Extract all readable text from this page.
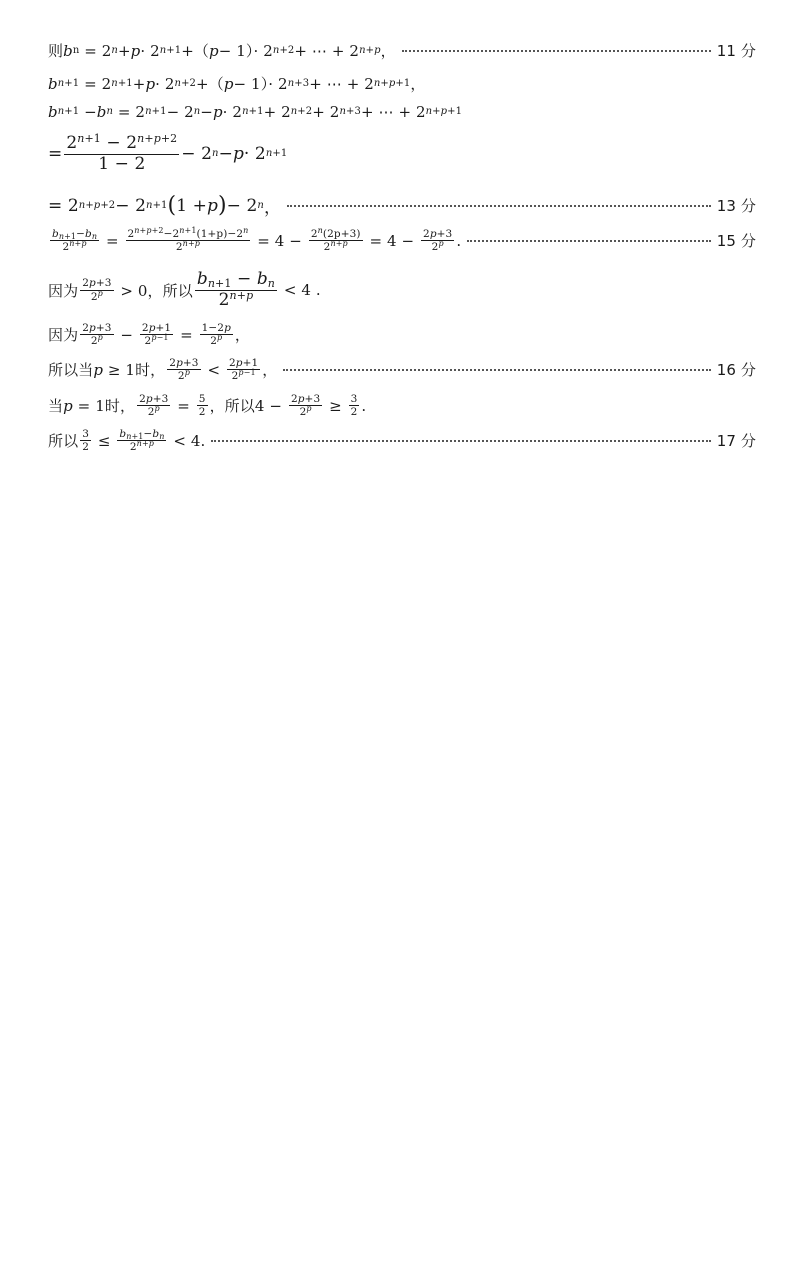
则 b n = 2 n + p · 2 n+1 +（ p − 1）· 2 n+2 + ⋯ + 2 n+p ，	11 分
b n+1 = 2 n+1 + p · 2 n+2 +（ p − 1）· 2 n+3 + ⋯ + 2 n+p+1 ，
b n+1 − b n = 2 n+1 − 2 n − p · 2 n+1 + 2 n+2 + 2 n+3 + ⋯ + 2 n+p+1
= $\frac{2^{n+1} - 2^{n+p+2}}{1 - 2} - 2$ n − p · 2 n+1
= 2 n+p+2 − 2 n+1 ( 1 + p ) − 2 n ，	13 分
$\frac{b_{n+1}-b_n}{2^{n+p}} = \frac{2^{n+p+2}-2^{n+1}(1+p)-2^n}{2^{n+p}} = 4 - \frac{2^n(2p+3)}{2^{n+p}} = 4 - \frac{2p+3}{2^p}$ .	15 分
因为 $\frac{2p+3}{2^p} > 0$， 所以 $\frac{b_{n+1} - b_n}{2^{n+p}} < 4$ .
因为 $\frac{2p+3}{2^p} - \frac{2p+1}{2^{p-1}} = \frac{1-2p}{2^p}$ ，
所以当 p ≥ 1 时， $\frac{2p+3}{2^p} < \frac{2p+1}{2^{p-1}}$ ，	16 分
当 p = 1 时， $\frac{2p+3}{2^p} = \frac{5}{2}$ ， 所以 $4 - \frac{2p+3}{2^p} \ge \frac{3}{2}$ .
所以 $\frac{3}{2} \le \frac{b_{n+1}-b_n}{2^{n+p}} < 4$.	17 分
